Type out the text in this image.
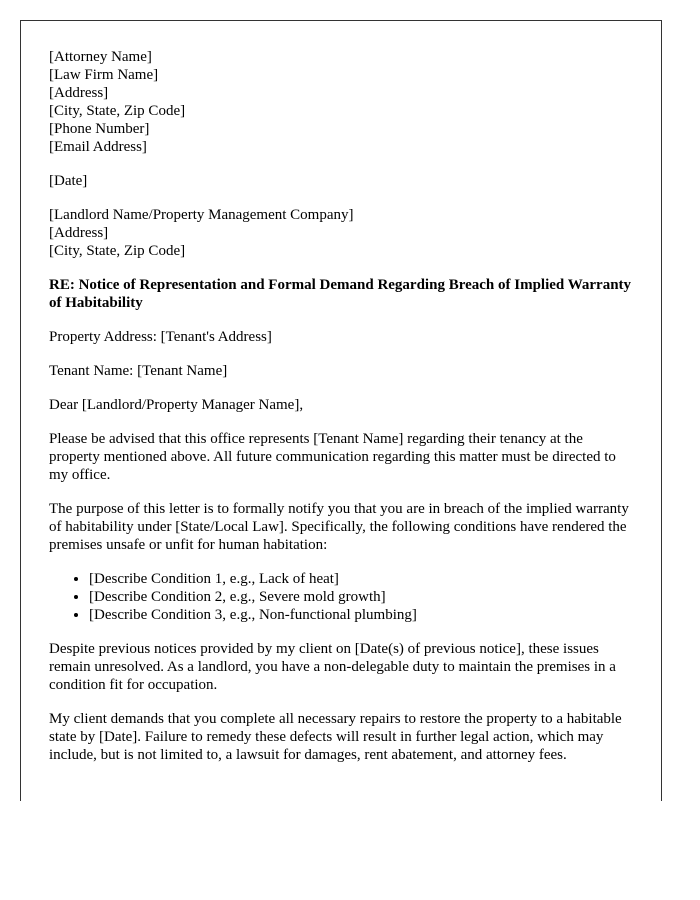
[Attorney Name]
[Law Firm Name]
[Address]
[City, State, Zip Code]
[Phone Number]
[Email Address]

[Date]

[Landlord Name/Property Management Company]
[Address]
[City, State, Zip Code]

RE: Notice of Representation and Formal Demand Regarding Breach of Implied Warranty of Habitability

Property Address: [Tenant's Address]

Tenant Name: [Tenant Name]

Dear [Landlord/Property Manager Name],

Please be advised that this office represents [Tenant Name] regarding their tenancy at the property mentioned above. All future communication regarding this matter must be directed to my office.

The purpose of this letter is to formally notify you that you are in breach of the implied warranty of habitability under [State/Local Law]. Specifically, the following conditions have rendered the premises unsafe or unfit for human habitation:

• [Describe Condition 1, e.g., Lack of heat]
• [Describe Condition 2, e.g., Severe mold growth]
• [Describe Condition 3, e.g., Non-functional plumbing]

Despite previous notices provided by my client on [Date(s) of previous notice], these issues remain unresolved. As a landlord, you have a non-delegable duty to maintain the premises in a condition fit for occupation.

My client demands that you complete all necessary repairs to restore the property to a habitable state by [Date]. Failure to remedy these defects will result in further legal action, which may include, but is not limited to, a lawsuit for damages, rent abatement, and attorney fees.
